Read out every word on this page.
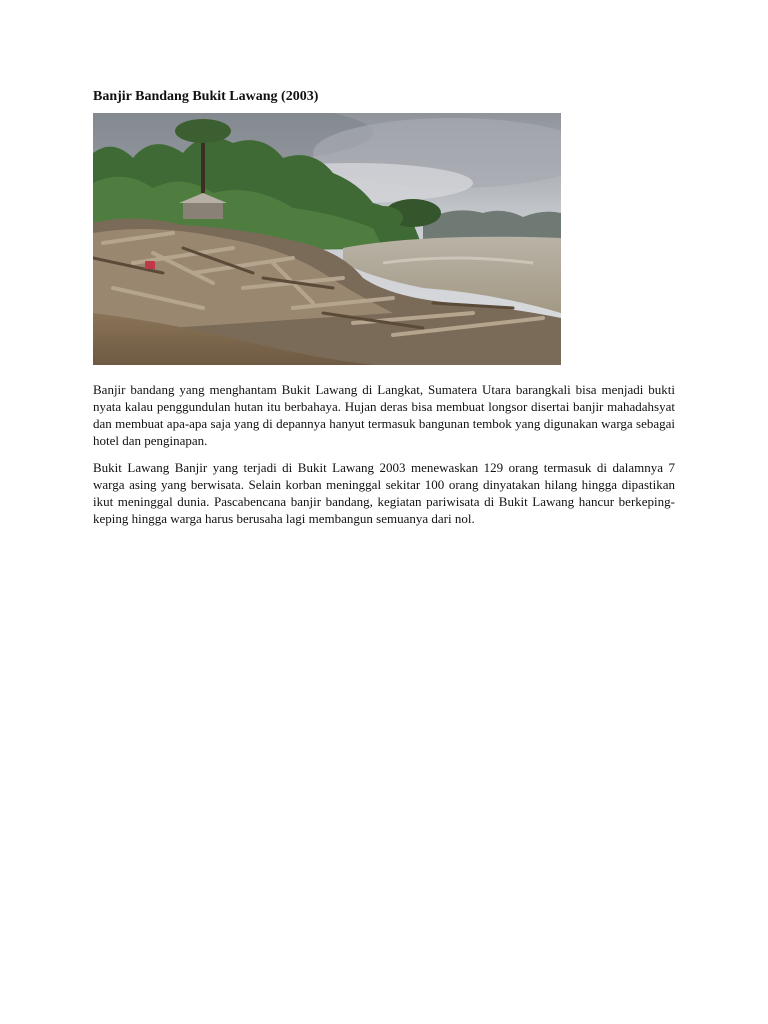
Banjir Bandang Bukit Lawang (2003)

Banjir bandang yang menghantam Bukit Lawang di Langkat, Sumatera Utara barangkali bisa menjadi bukti nyata kalau penggundulan hutan itu berbahaya. Hujan deras bisa membuat longsor disertai banjir mahadahsyat dan membuat apa-apa saja yang di depannya hanyut termasuk bangunan tembok yang digunakan warga sebagai hotel dan penginapan.

Bukit Lawang Banjir yang terjadi di Bukit Lawang 2003 menewaskan 129 orang termasuk di dalamnya 7 warga asing yang berwisata. Selain korban meninggal sekitar 100 orang dinyatakan hilang hingga dipastikan ikut meninggal dunia. Pascabencana banjir bandang, kegiatan pariwisata di Bukit Lawang hancur berkeping-keping hingga warga harus berusaha lagi membangun semuanya dari nol.
